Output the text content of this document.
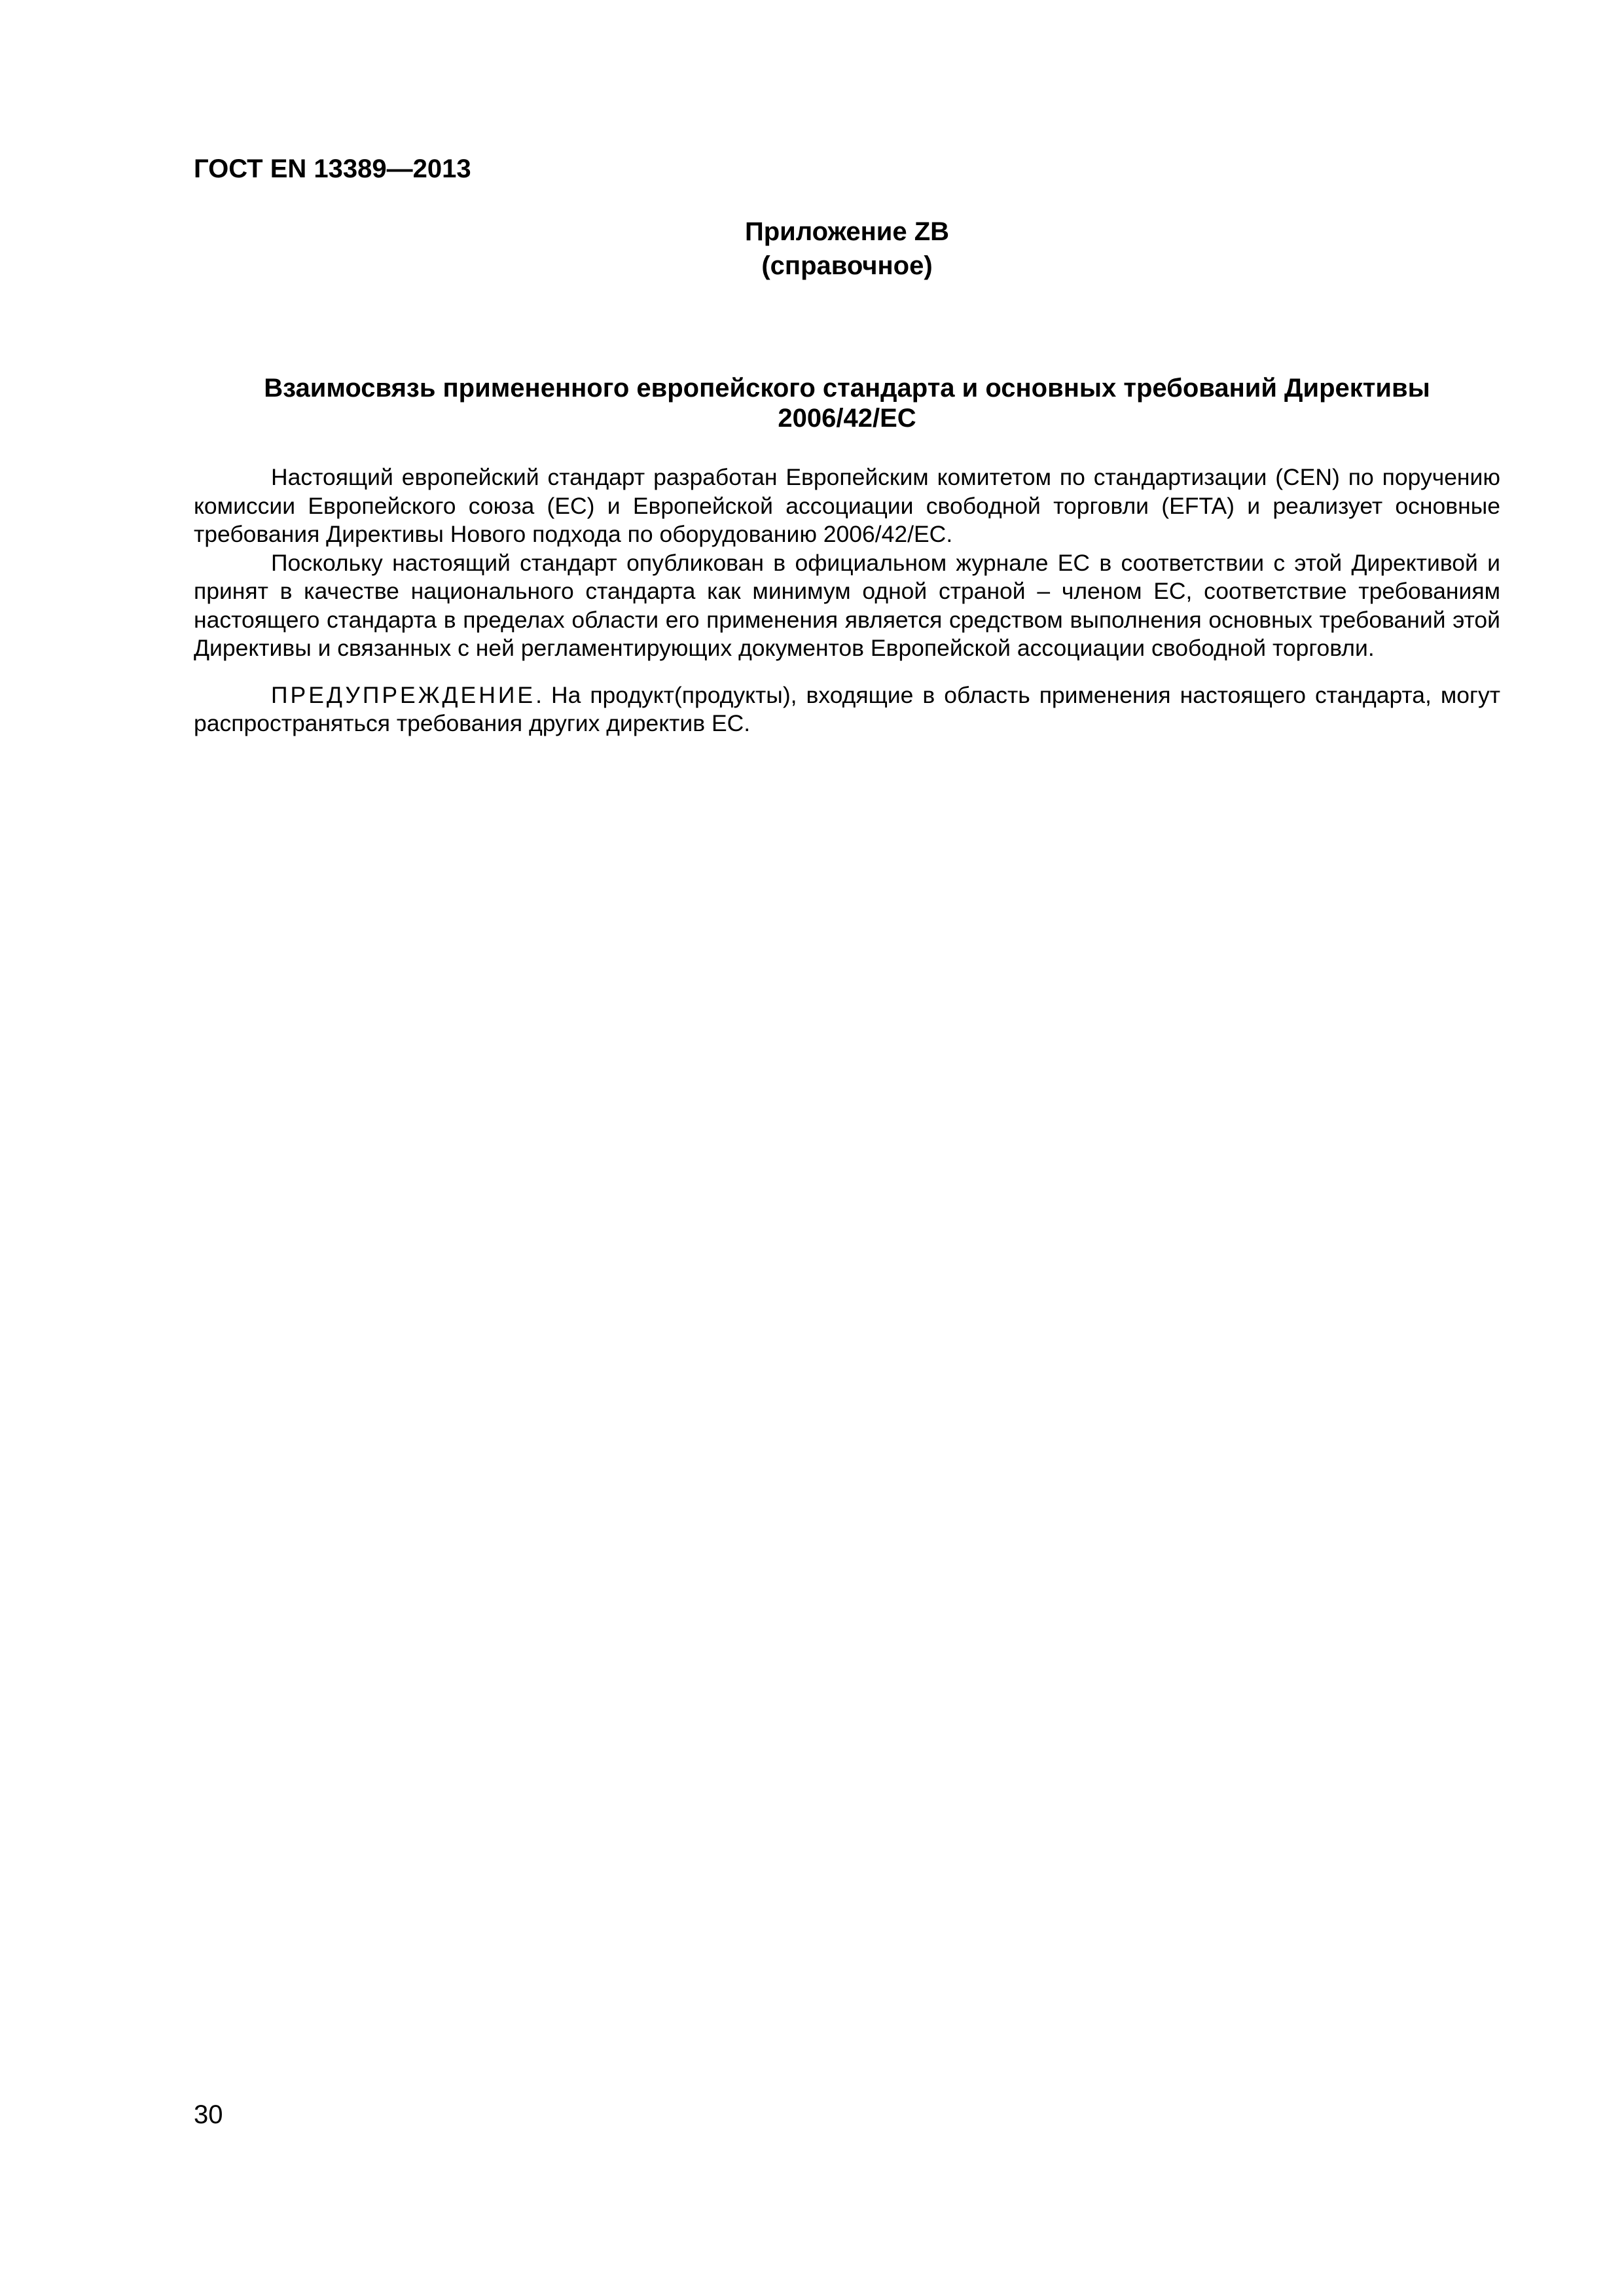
ГОСТ EN 13389—2013
Приложение ZB
(справочное)
Взаимосвязь примененного европейского стандарта и основных требований Директивы
2006/42/EC

Настоящий европейский стандарт разработан Европейским комитетом по стандартизации (CEN) по поручению комиссии Европейского союза (ЕС) и Европейской ассоциации свободной торговли (EFTA) и реализует основные требования Директивы Нового подхода по оборудованию 2006/42/EC.

Поскольку настоящий стандарт опубликован в официальном журнале ЕС в соответствии с этой Директивой и принят в качестве национального стандарта как минимум одной страной – членом ЕС, соответствие требованиям настоящего стандарта в пределах области его применения является средством выполнения основных требований этой Директивы и связанных с ней регламентирующих документов Европейской ассоциации свободной торговли.

ПРЕДУПРЕЖДЕНИЕ. На продукт(продукты), входящие в область применения настоящего стандарта, могут распространяться требования других директив ЕС.

30
